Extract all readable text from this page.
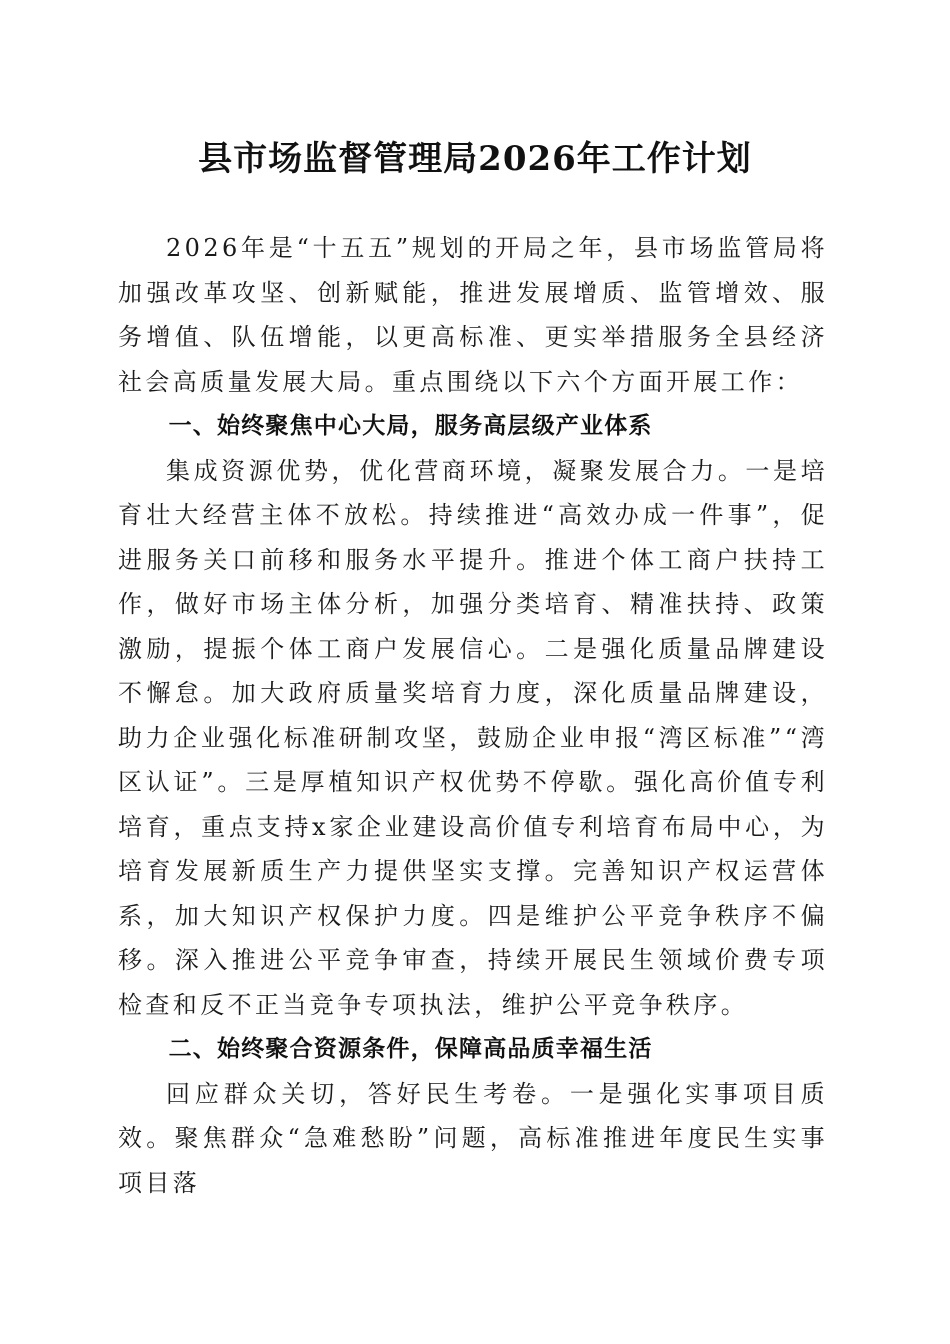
县市场监督管理局2026年工作计划

2026年是“十五五”规划的开局之年，县市场监管局将加强改革攻坚、创新赋能，推进发展增质、监管增效、服务增值、队伍增能，以更高标准、更实举措服务全县经济社会高质量发展大局。重点围绕以下六个方面开展工作：

一、始终聚焦中心大局，服务高层级产业体系

集成资源优势，优化营商环境，凝聚发展合力。一是培育壮大经营主体不放松。持续推进“高效办成一件事”，促进服务关口前移和服务水平提升。推进个体工商户扶持工作，做好市场主体分析，加强分类培育、精准扶持、政策激励，提振个体工商户发展信心。二是强化质量品牌建设不懈怠。加大政府质量奖培育力度，深化质量品牌建设，助力企业强化标准研制攻坚，鼓励企业申报“湾区标准”“湾区认证”。三是厚植知识产权优势不停歇。强化高价值专利培育，重点支持x家企业建设高价值专利培育布局中心，为培育发展新质生产力提供坚实支撑。完善知识产权运营体系，加大知识产权保护力度。四是维护公平竞争秩序不偏移。深入推进公平竞争审查，持续开展民生领域价费专项检查和反不正当竞争专项执法，维护公平竞争秩序。

二、始终聚合资源条件，保障高品质幸福生活

回应群众关切，答好民生考卷。一是强化实事项目质效。聚焦群众“急难愁盼”问题，高标准推进年度民生实事项目落
